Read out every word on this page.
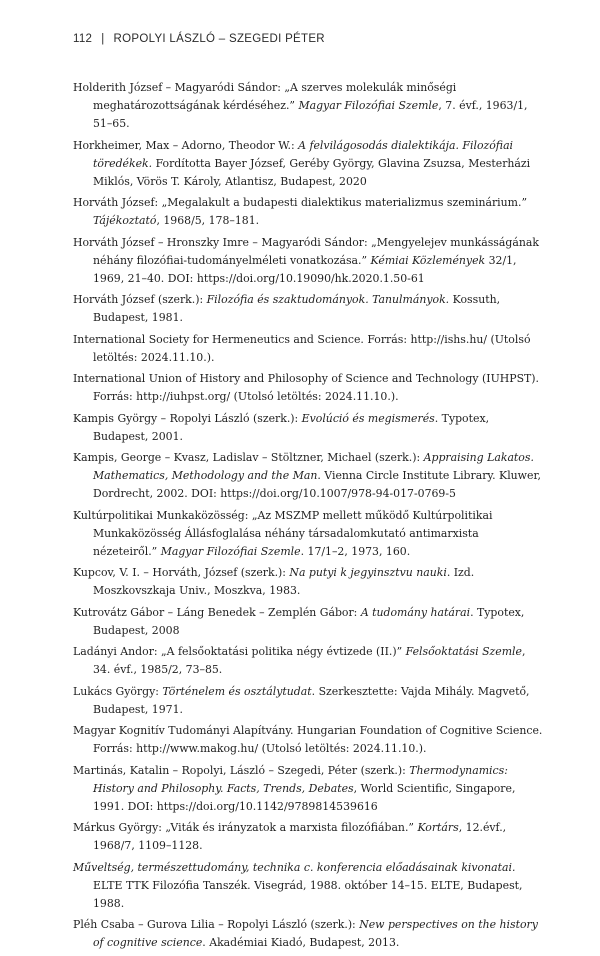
112 | ROPOLYI LÁSZLÓ – SZEGEDI PÉTER

Holderith József – Magyaródi Sándor: „A szerves molekulák minőségi meghatározottságának kérdéséhez.” Magyar Filozófiai Szemle, 7. évf., 1963/1, 51–65.

Horkheimer, Max – Adorno, Theodor W.: A felvilágosodás dialektikája. Filozófiai töredékek. Fordította Bayer József, Geréby György, Glavina Zsuzsa, Mesterházi Miklós, Vörös T. Károly, Atlantisz, Budapest, 2020

Horváth József: „Megalakult a budapesti dialektikus materializmus szeminárium.” Tájékoztató, 1968/5, 178–181.

Horváth József – Hronszky Imre – Magyaródi Sándor: „Mengyelejev munkásságának néhány filozófiai-tudományelméleti vonatkozása.” Kémiai Közlemények 32/1, 1969, 21–40. DOI: https://doi.org/10.19090/hk.2020.1.50-61

Horváth József (szerk.): Filozófia és szaktudományok. Tanulmányok. Kossuth, Budapest, 1981.

International Society for Hermeneutics and Science. Forrás: http://ishs.hu/ (Utolsó letöltés: 2024.11.10.).

International Union of History and Philosophy of Science and Technology (IUHPST). Forrás: http://iuhpst.org/ (Utolsó letöltés: 2024.11.10.).

Kampis György – Ropolyi László (szerk.): Evolúció és megismerés. Typotex, Budapest, 2001.

Kampis, George – Kvasz, Ladislav – Stöltzner, Michael (szerk.): Appraising Lakatos. Mathematics, Methodology and the Man. Vienna Circle Institute Library. Kluwer, Dordrecht, 2002. DOI: https://doi.org/10.1007/978-94-017-0769-5

Kultúrpolitikai Munkaközösség: „Az MSZMP mellett működő Kultúrpolitikai Munkaközösség Állásfoglalása néhány társadalomkutató antimarxista nézeteiről.” Magyar Filozófiai Szemle. 17/1–2, 1973, 160.

Kupcov, V. I. – Horváth, József (szerk.): Na putyi k jegyinsztvu nauki. Izd. Moszkovszkaja Univ., Moszkva, 1983.

Kutrovátz Gábor – Láng Benedek – Zemplén Gábor: A tudomány határai. Typotex, Budapest, 2008

Ladányi Andor: „A felsőoktatási politika négy évtizede (II.)” Felsőoktatási Szemle, 34. évf., 1985/2, 73–85.

Lukács György: Történelem és osztálytudat. Szerkesztette: Vajda Mihály. Magvető, Budapest, 1971.

Magyar Kognitív Tudományi Alapítvány. Hungarian Foundation of Cognitive Science. Forrás: http://www.makog.hu/ (Utolsó letöltés: 2024.11.10.).

Martinás, Katalin – Ropolyi, László – Szegedi, Péter (szerk.): Thermodynamics: History and Philosophy. Facts, Trends, Debates, World Scientific, Singapore, 1991. DOI: https://doi.org/10.1142/9789814539616

Márkus György: „Viták és irányzatok a marxista filozófiában.” Kortárs, 12.évf., 1968/7, 1109–1128.

Műveltség, természettudomány, technika c. konferencia előadásainak kivonatai. ELTE TTK Filozófia Tanszék. Visegrád, 1988. október 14–15. ELTE, Budapest, 1988.

Pléh Csaba – Gurova Lilia – Ropolyi László (szerk.): New perspectives on the history of cognitive science. Akadémiai Kiadó, Budapest, 2013.
